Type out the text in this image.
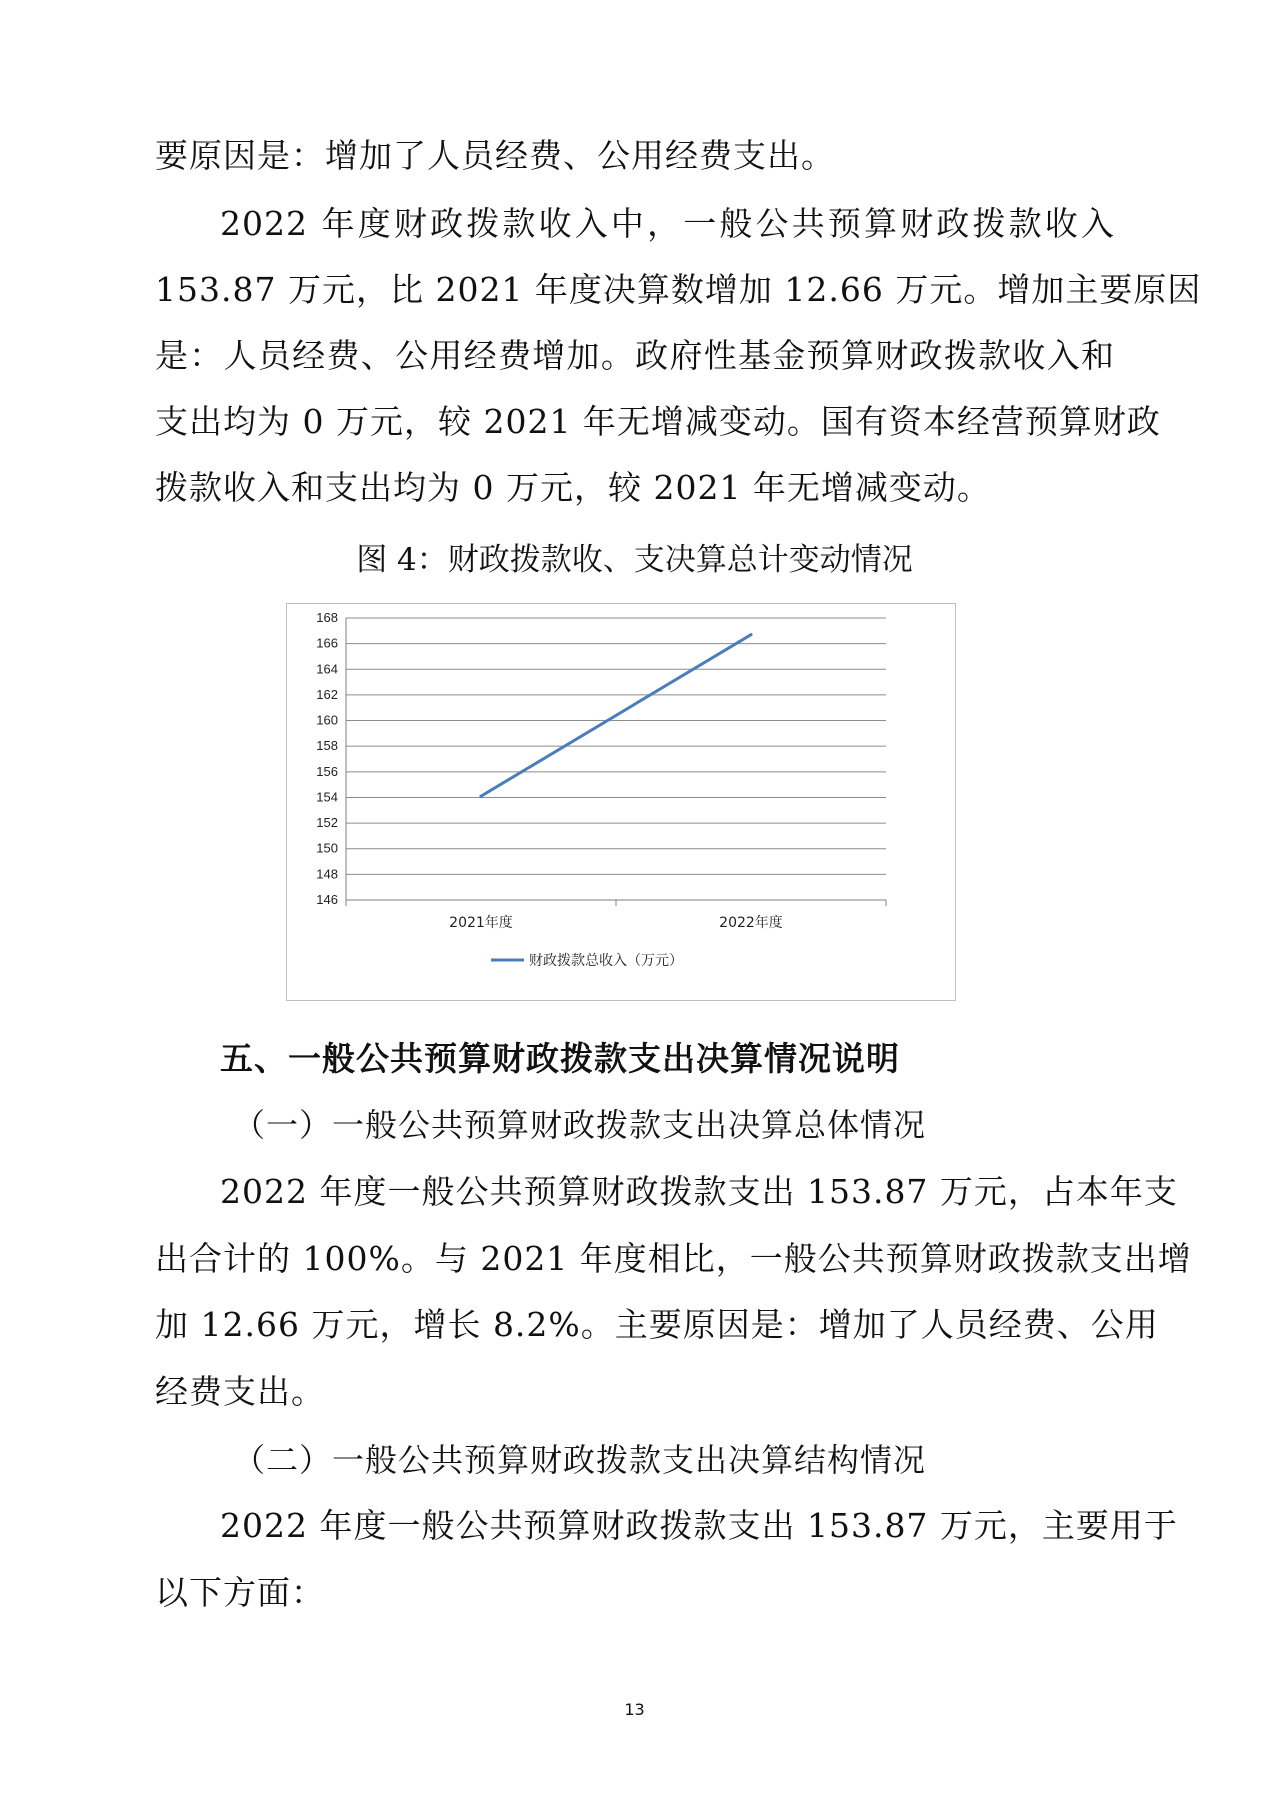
要原因是：增加了人员经费、公用经费支出。
2022 年度财政拨款收入中，一般公共预算财政拨款收入
153.87 万元，比 2021 年度决算数增加 12.66 万元。增加主要原因
是：人员经费、公用经费增加。政府性基金预算财政拨款收入和
支出均为 0 万元，较 2021 年无增减变动。国有资本经营预算财政
拨款收入和支出均为 0 万元，较 2021 年无增减变动。
图 4：财政拨款收、支决算总计变动情况
146
148
150
152
154
156
158
160
162
164
166
168
2021年度	2022年度
财政拨款总收入（万元）
五、一般公共预算财政拨款支出决算情况说明
（一）一般公共预算财政拨款支出决算总体情况
2022 年度一般公共预算财政拨款支出 153.87 万元，占本年支
出合计的 100%。与 2021 年度相比，一般公共预算财政拨款支出增
加 12.66 万元，增长 8.2%。主要原因是：增加了人员经费、公用
经费支出。
（二）一般公共预算财政拨款支出决算结构情况
2022 年度一般公共预算财政拨款支出 153.87 万元，主要用于
以下方面：
13
